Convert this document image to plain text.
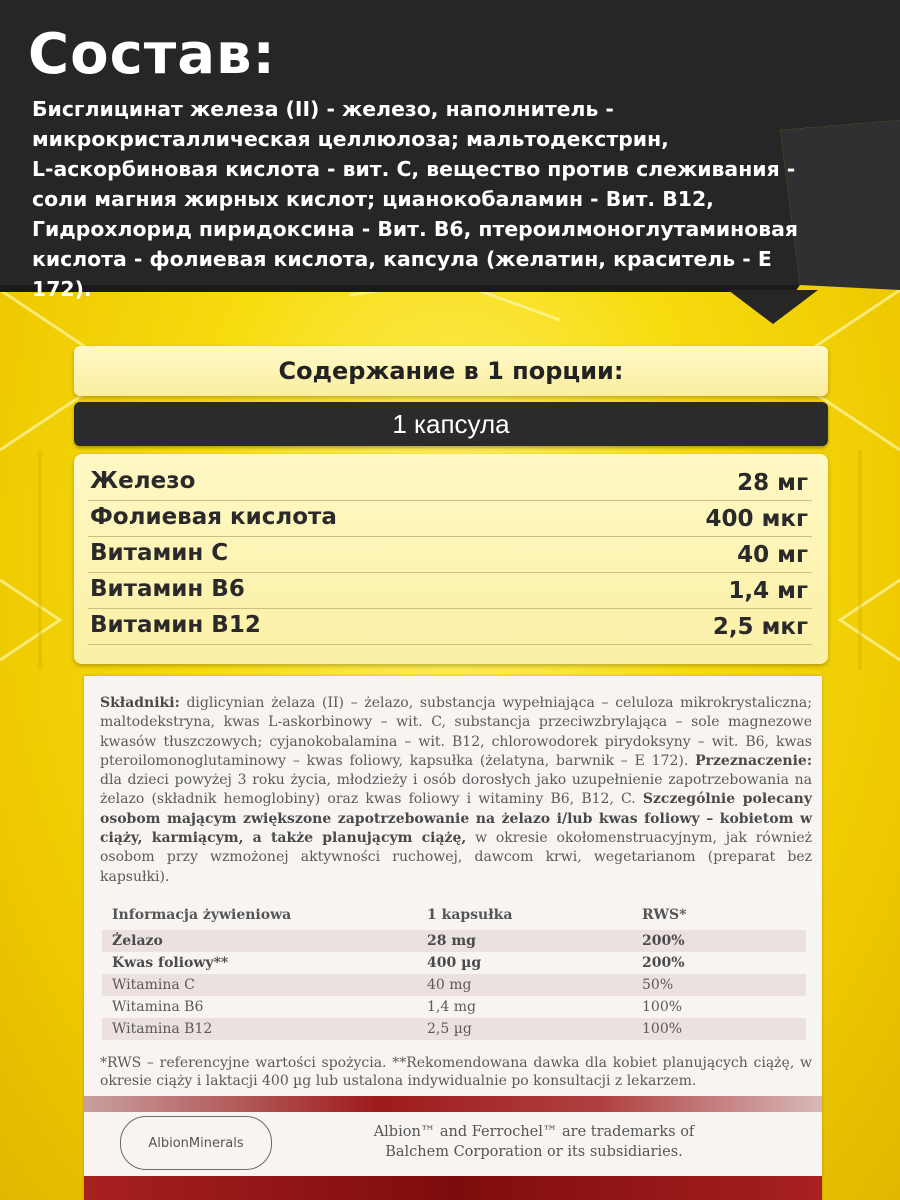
Состав:
Бисглицинат железа (II) - железо, наполнитель -
микрокристаллическая целлюлоза; мальтодекстрин,
L-аскорбиновая кислота - вит. С, вещество против слеживания -
соли магния жирных кислот; цианокобаламин - Вит. В12,
Гидрохлорид пиридоксина - Вит. В6, птероилмоноглутаминовая
кислота - фолиевая кислота, капсула (желатин, краситель - Е 172).
Содержание в 1 порции:
1 капсула
Железо	28 мг
Фолиевая кислота	400 мкг
Витамин С	40 мг
Витамин В6	1,4 мг
Витамин В12	2,5 мкг

Składniki: diglicynian żelaza (II) – żelazo, substancja wypełniająca – celuloza mikrokrystaliczna; maltodekstryna, kwas L-askorbinowy – wit. C, substancja przeciwzbrylająca – sole magnezowe kwasów tłuszczowych; cyjanokobalamina – wit. B12, chlorowodorek pirydoksyny – wit. B6, kwas pteroilomonoglutaminowy – kwas foliowy, kapsułka (żelatyna, barwnik – E 172). Przeznaczenie: dla dzieci powyżej 3 roku życia, młodzieży i osób dorosłych jako uzupełnienie zapotrzebowania na żelazo (składnik hemoglobiny) oraz kwas foliowy i witaminy B6, B12, C. Szczególnie polecany osobom mającym zwiększone zapotrzebowanie na żelazo i/lub kwas foliowy – kobietom w ciąży, karmiącym, a także planującym ciążę, w okresie okołomenstruacyjnym, jak również osobom przy wzmożonej aktywności ruchowej, dawcom krwi, wegetarianom (preparat bez kapsułki).

Informacja żywieniowa	1 kapsułka	RWS*
Żelazo	28 mg	200%
Kwas foliowy**	400 µg	200%
Witamina C	40 mg	50%
Witamina B6	1,4 mg	100%
Witamina B12	2,5 µg	100%

*RWS – referencyjne wartości spożycia. **Rekomendowana dawka dla kobiet planujących ciążę, w okresie ciąży i laktacji 400 µg lub ustalona indywidualnie po konsultacji z lekarzem.

AlbionMinerals
Albion™ and Ferrochel™ are trademarks of
Balchem Corporation or its subsidiaries.
